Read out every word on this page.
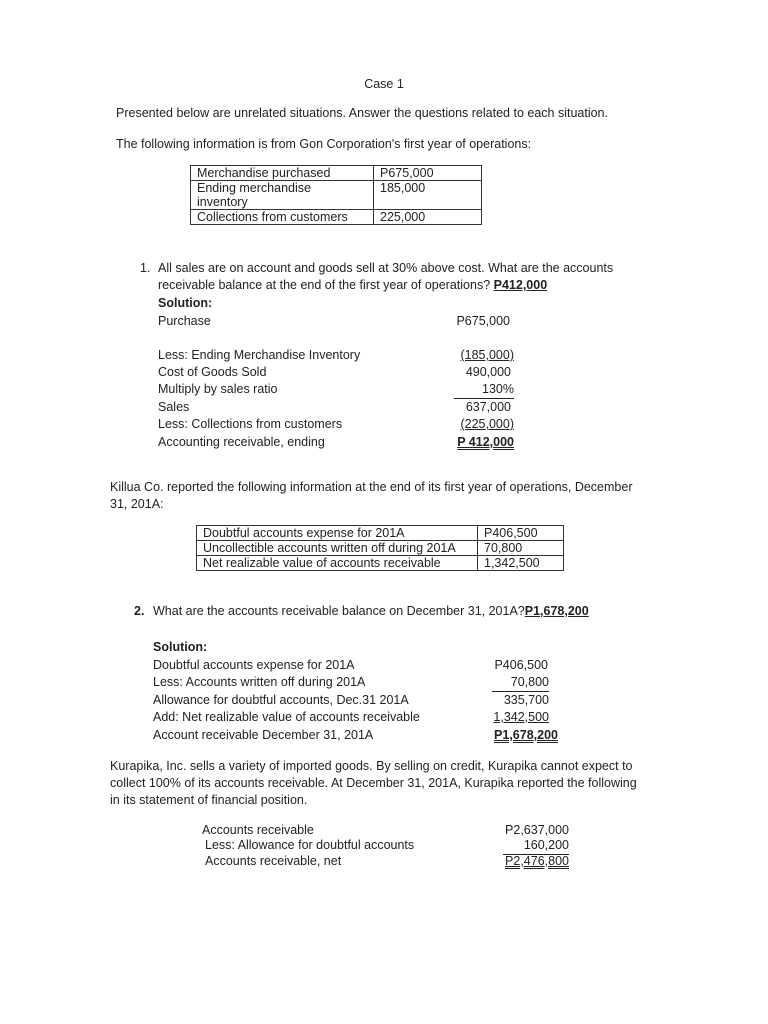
Case 1
Presented below are unrelated situations. Answer the questions related to each situation.
The following information is from Gon Corporation's first year of operations:
Merchandise purchased	P675,000

Ending merchandise
inventory	185,000
Collections from customers	225,000
1. All sales are on account and goods sell at 30% above cost. What are the accounts
receivable balance at the end of the first year of operations? P412,000
Solution:
Purchase	P675,000
Less: Ending Merchandise Inventory	(185,000)
Cost of Goods Sold	490,000
Multiply by sales ratio	130%
Sales	637,000
Less: Collections from customers	(225,000)
Accounting receivable, ending	P 412,000
Killua Co. reported the following information at the end of its first year of operations, December
31, 201A:
Doubtful accounts expense for 201A	P406,500
Uncollectible accounts written off during 201A	70,800
Net realizable value of accounts receivable	1,342,500
2. What are the accounts receivable balance on December 31, 201A?P1,678,200
Solution:
Doubtful accounts expense for 201A	P406,500
Less: Accounts written off during 201A	70,800
Allowance for doubtful accounts, Dec.31 201A	335,700
Add: Net realizable value of accounts receivable	1,342,500
Account receivable December 31, 201A	P1,678,200
Kurapika, Inc. sells a variety of imported goods. By selling on credit, Kurapika cannot expect to
collect 100% of its accounts receivable. At December 31, 201A, Kurapika reported the following
in its statement of financial position.
Accounts receivable	P2,637,000
Less: Allowance for doubtful accounts	160,200
Accounts receivable, net	P2,476,800
